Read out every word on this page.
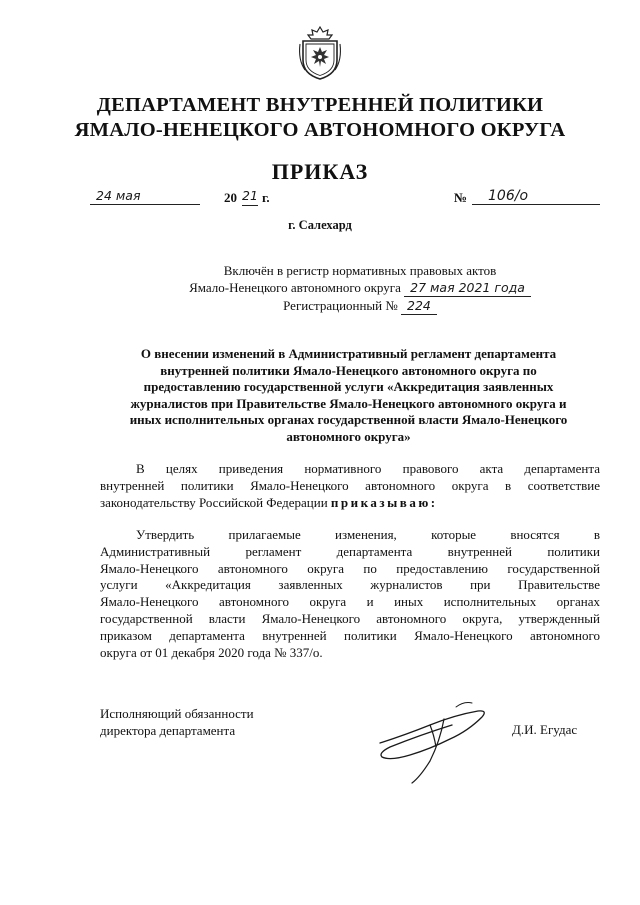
ДЕПАРТАМЕНТ ВНУТРЕННЕЙ ПОЛИТИКИ
ЯМАЛО-НЕНЕЦКОГО АВТОНОМНОГО ОКРУГА
ПРИКАЗ
24 мая	20 21 г.	№	106/о
г. Салехард
Включён в регистр нормативных правовых актов
Ямало-Ненецкого автономного округа 27 мая 2021 года
Регистрационный № 224
О внесении изменений в Административный регламент департамента
внутренней политики Ямало-Ненецкого автономного округа по
предоставлению государственной услуги «Аккредитация заявленных
журналистов при Правительстве Ямало-Ненецкого автономного округа и
иных исполнительных органах государственной власти Ямало-Ненецкого
автономного округа»
В целях приведения нормативного правового акта департамента
внутренней политики Ямало-Ненецкого автономного округа в соответствие
законодательству Российской Федерации приказываю:
Утвердить прилагаемые изменения, которые вносятся в
Административный регламент департамента внутренней политики
Ямало-Ненецкого автономного округа по предоставлению государственной
услуги «Аккредитация заявленных журналистов при Правительстве
Ямало-Ненецкого автономного округа и иных исполнительных органах
государственной власти Ямало-Ненецкого автономного округа, утвержденный
приказом департамента внутренней политики Ямало-Ненецкого автономного
округа от 01 декабря 2020 года № 337/о.
Исполняющий обязанности
директора департамента	Д.И. Егудас
